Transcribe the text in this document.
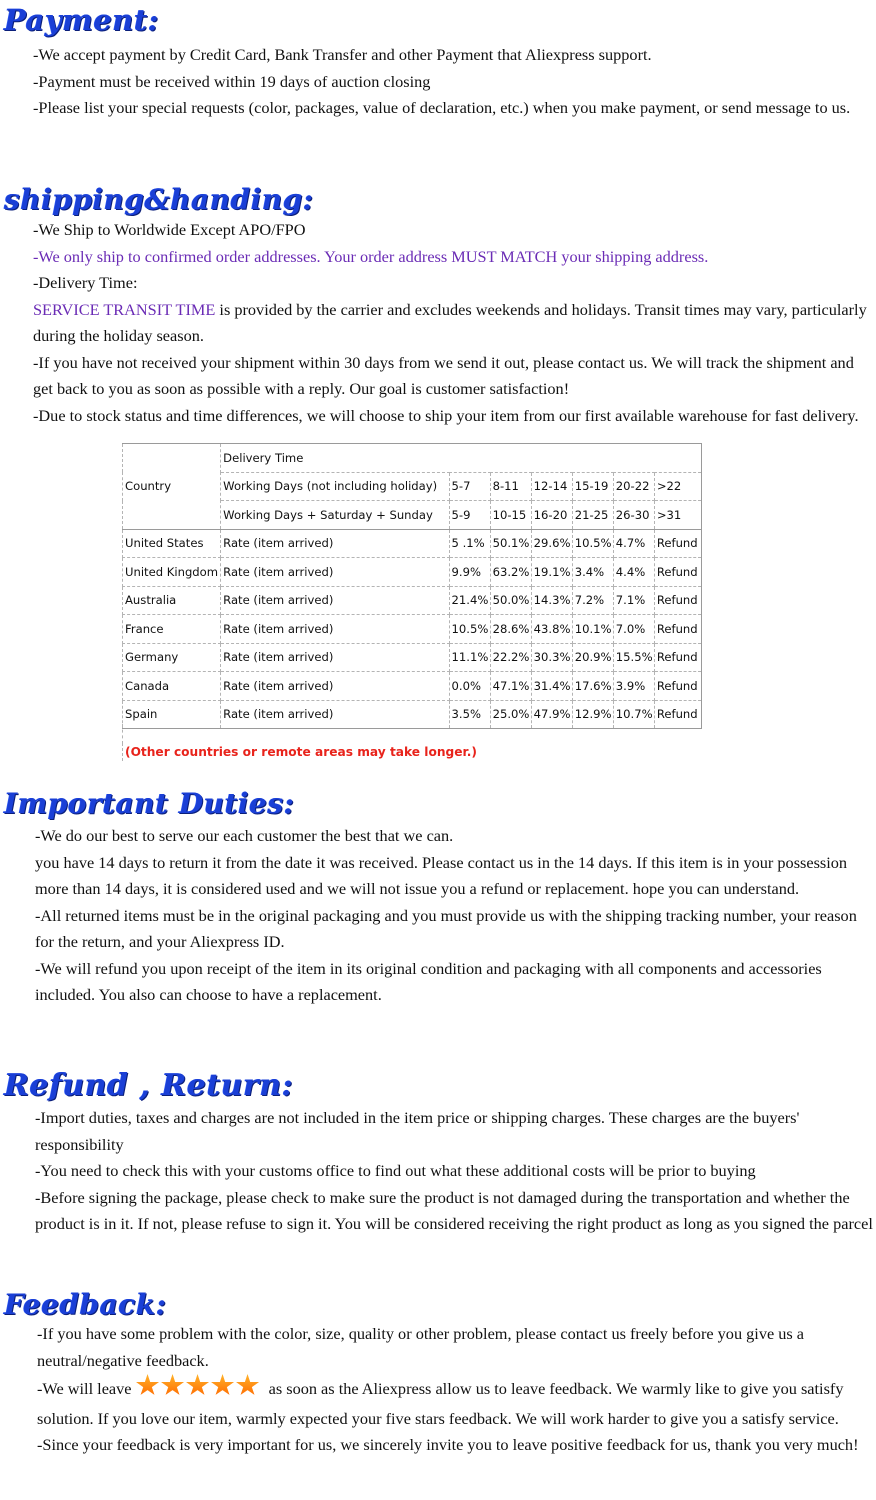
Payment:

-We accept payment by Credit Card, Bank Transfer and other Payment that Aliexpress support.

-Payment must be received within 19 days of auction closing

-Please list your special requests (color, packages, value of declaration, etc.) when you make payment, or send message to us.

shipping&handing:

-We Ship to Worldwide Except APO/FPO

-We only ship to confirmed order addresses. Your order address MUST MATCH your shipping address.

-Delivery Time:

SERVICE TRANSIT TIME is provided by the carrier and excludes weekends and holidays. Transit times may vary, particularly during the holiday season.

-If you have not received your shipment within 30 days from we send it out, please contact us. We will track the shipment and get back to you as soon as possible with a reply. Our goal is customer satisfaction!

-Due to stock status and time differences, we will choose to ship your item from our first available warehouse for fast delivery.

Country	Delivery Time						
	Working Days (not including holiday)	5-7	8-11	12-14	15-19	20-22	>22
	Working Days + Saturday + Sunday	5-9	10-15	16-20	21-25	26-30	>31
United States	Rate (item arrived)	5 .1%	50.1%	29.6%	10.5%	4.7%	Refund
United Kingdom	Rate (item arrived)	9.9%	63.2%	19.1%	3.4%	4.4%	Refund
Australia	Rate (item arrived)	21.4%	50.0%	14.3%	7.2%	7.1%	Refund
France	Rate (item arrived)	10.5%	28.6%	43.8%	10.1%	7.0%	Refund
Germany	Rate (item arrived)	11.1%	22.2%	30.3%	20.9%	15.5%	Refund
Canada	Rate (item arrived)	0.0%	47.1%	31.4%	17.6%	3.9%	Refund
Spain	Rate (item arrived)	3.5%	25.0%	47.9%	12.9%	10.7%	Refund
(Other countries or remote areas may take longer.)
Important Duties:

-We do our best to serve our each customer the best that we can.

you have 14 days to return it from the date it was received. Please contact us in the 14 days. If this item is in your possession more than 14 days, it is considered used and we will not issue you a refund or replacement. hope you can understand.

-All returned items must be in the original packaging and you must provide us with the shipping tracking number, your reason for the return, and your Aliexpress ID.

-We will refund you upon receipt of the item in its original condition and packaging with all components and accessories included. You also can choose to have a replacement.

Refund , Return:

-Import duties, taxes and charges are not included in the item price or shipping charges. These charges are the buyers' responsibility

-You need to check this with your customs office to find out what these additional costs will be prior to buying

-Before signing the package, please check to make sure the product is not damaged during the transportation and whether the product is in it. If not, please refuse to sign it. You will be considered receiving the right product as long as you signed the parcel

Feedback:

-If you have some problem with the color, size, quality or other problem, please contact us freely before you give us a neutral/negative feedback.

-We will leave	as soon as the Aliexpress allow us to leave feedback. We warmly like to give you satisfy solution. If you love our item, warmly expected your five stars feedback. We will work harder to give you a satisfy service.

-Since your feedback is very important for us, we sincerely invite you to leave positive feedback for us, thank you very much!
